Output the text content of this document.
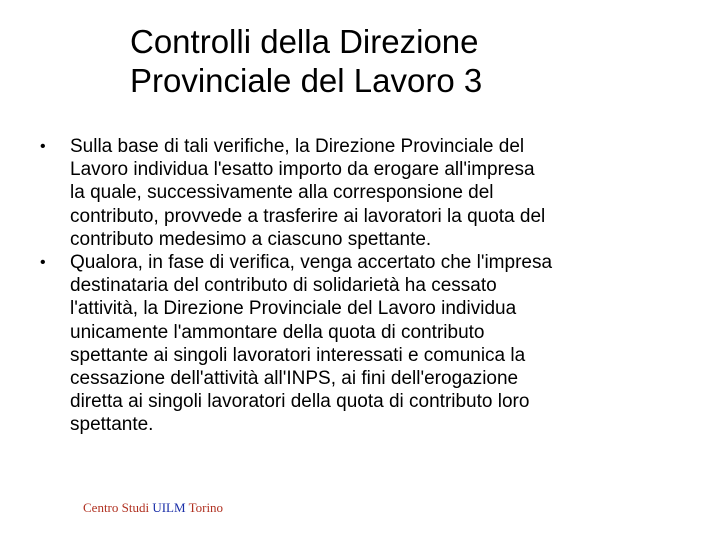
Controlli della Direzione
Provinciale del Lavoro 3
• Sulla base di tali verifiche, la Direzione Provinciale del
Lavoro individua l'esatto importo da erogare all'impresa
la quale, successivamente alla corresponsione del
contributo, provvede a trasferire ai lavoratori la quota del
contributo medesimo a ciascuno spettante.
• Qualora, in fase di verifica, venga accertato che l'impresa
destinataria del contributo di solidarietà ha cessato
l'attività, la Direzione Provinciale del Lavoro individua
unicamente l'ammontare della quota di contributo
spettante ai singoli lavoratori interessati e comunica la
cessazione dell'attività all'INPS, ai fini dell'erogazione
diretta ai singoli lavoratori della quota di contributo loro
spettante.
Centro Studi UILM Torino
